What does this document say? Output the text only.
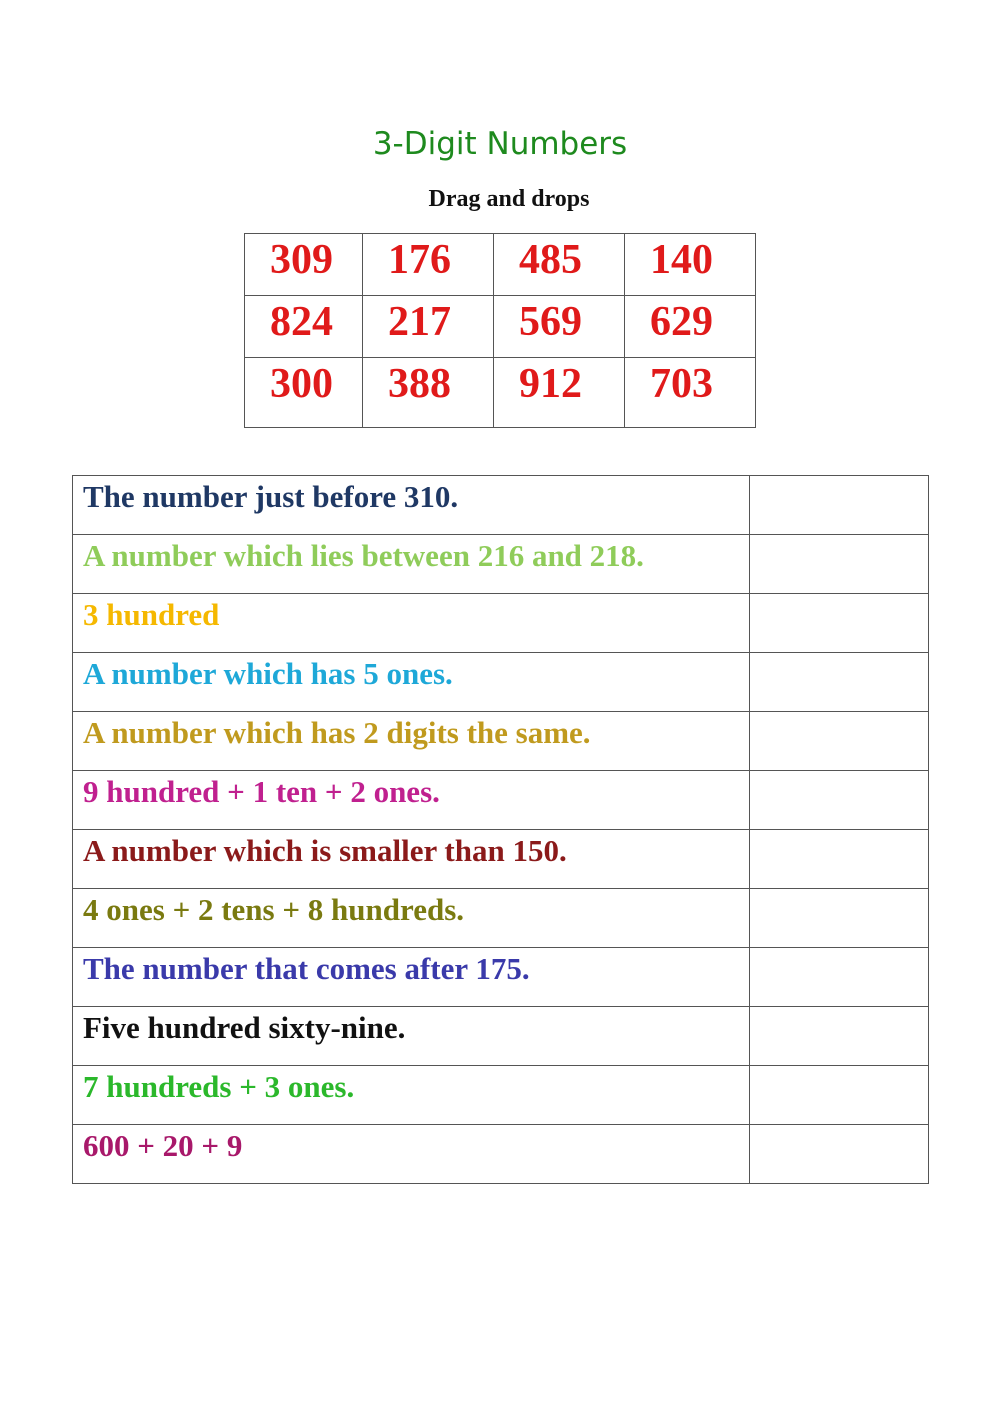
3-Digit Numbers
Drag and drops
309	176	485	140
824	217	569	629
300	388	912	703
The number just before 310.	
A number which lies between 216 and 218.	
3 hundred	
A number which has 5 ones.	
A number which has 2 digits the same.	
9 hundred + 1 ten + 2 ones.	
A number which is smaller than 150.	
4 ones + 2 tens + 8 hundreds.	
The number that comes after 175.	
Five hundred sixty-nine.	
7 hundreds + 3 ones.	
600 + 20 + 9	
